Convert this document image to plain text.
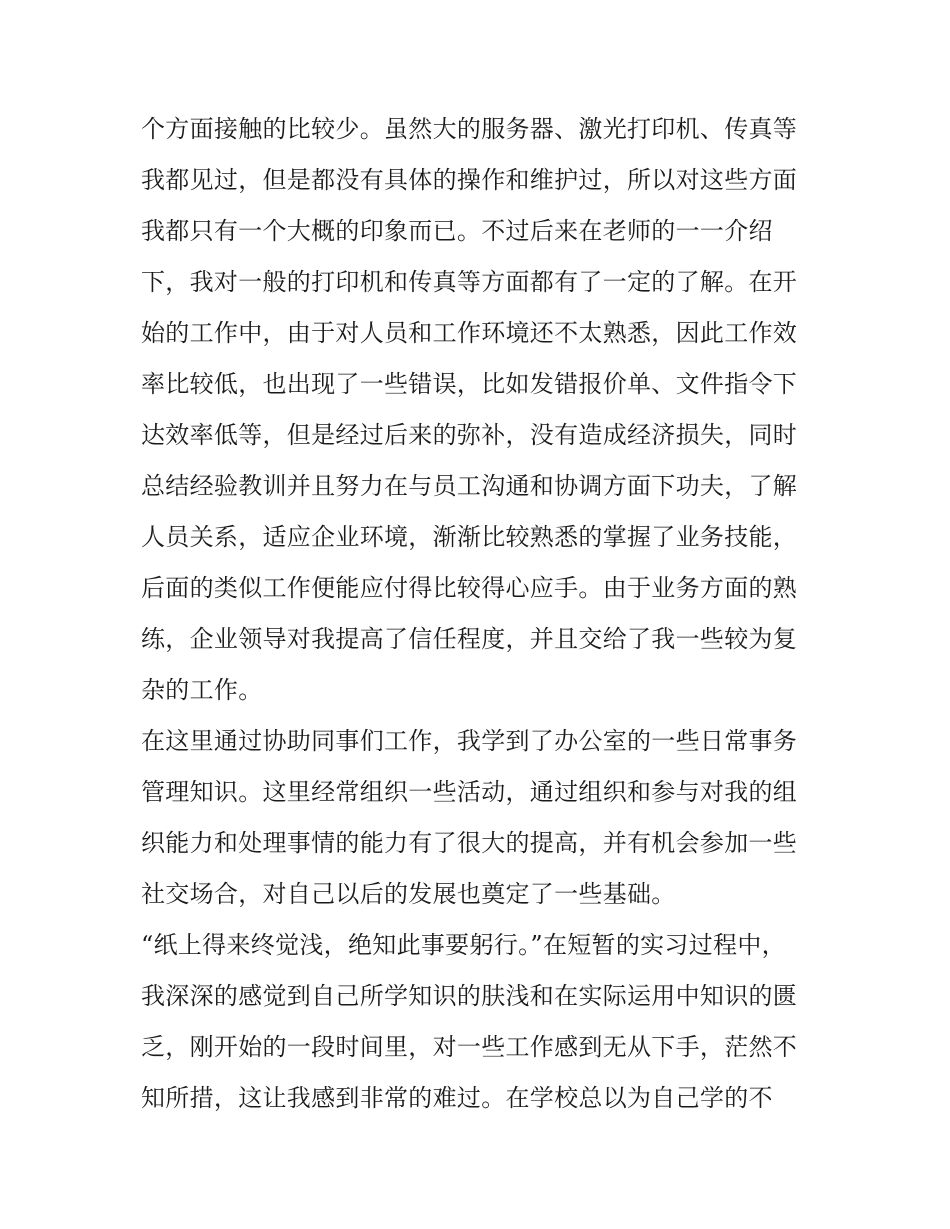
个方面接触的比较少。虽然大的服务器、激光打印机、传真等
我都见过，但是都没有具体的操作和维护过，所以对这些方面
我都只有一个大概的印象而已。不过后来在老师的一一介绍
下，我对一般的打印机和传真等方面都有了一定的了解。在开
始的工作中，由于对人员和工作环境还不太熟悉，因此工作效
率比较低，也出现了一些错误，比如发错报价单、文件指令下
达效率低等，但是经过后来的弥补，没有造成经济损失，同时
总结经验教训并且努力在与员工沟通和协调方面下功夫，了解
人员关系，适应企业环境，渐渐比较熟悉的掌握了业务技能，
后面的类似工作便能应付得比较得心应手。由于业务方面的熟
练，企业领导对我提高了信任程度，并且交给了我一些较为复
杂的工作。
在这里通过协助同事们工作，我学到了办公室的一些日常事务
管理知识。这里经常组织一些活动，通过组织和参与对我的组
织能力和处理事情的能力有了很大的提高，并有机会参加一些
社交场合，对自己以后的发展也奠定了一些基础。
“纸上得来终觉浅，绝知此事要躬行。”在短暂的实习过程中，
我深深的感觉到自己所学知识的肤浅和在实际运用中知识的匮
乏，刚开始的一段时间里，对一些工作感到无从下手，茫然不
知所措，这让我感到非常的难过。在学校总以为自己学的不
